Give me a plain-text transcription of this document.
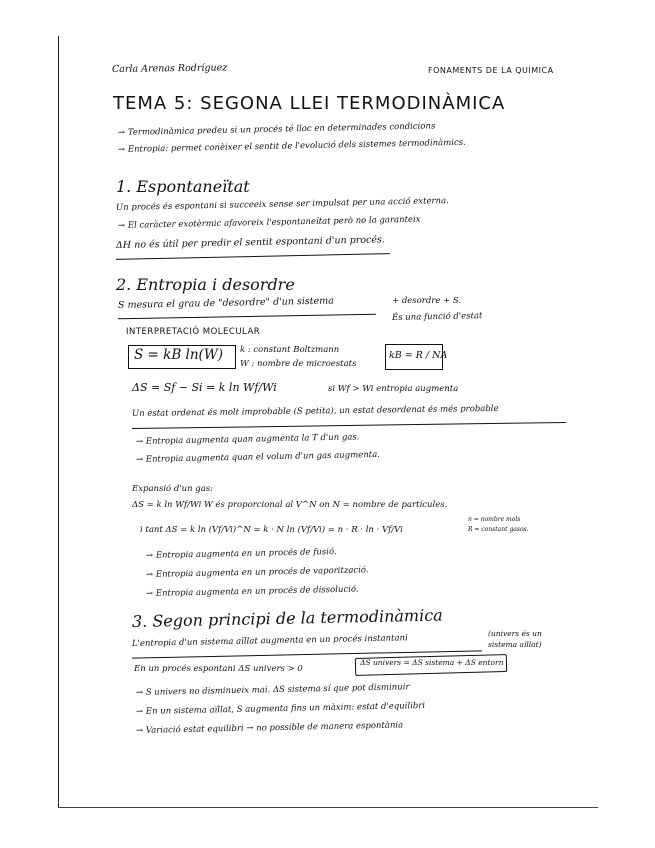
Carla Arenas Rodríguez	FONAMENTS DE LA QUÍMICA
TEMA 5: SEGONA LLEI TERMODINÀMICA
→ Termodinàmica predeu si un procés té lloc en determinades condicions
→ Entropia: permet conèixer el sentit de l'evolució dels sistemes termodinàmics.
1. Espontaneïtat
Un procés és espontani si succeeix sense ser impulsat per una acció externa.
→ El caràcter exotèrmic afavoreix l'espontaneïtat però no la garanteix
ΔH no és útil per predir el sentit espontani d'un procés.
2. Entropia i desordre
S mesura el grau de "desordre" d'un sistema	+ desordre + S.
És una funció d'estat
INTERPRETACIÓ MOLECULAR
S = kB ln(W) k : constant Boltzmann
W : nombre de microestats
kB = R / NA
ΔS = Sf − Si = k ln Wf/Wi	si Wf > Wi entropia augmenta
Un estat ordenat és molt improbable (S petita), un estat desordenat és més probable
→ Entropia augmenta quan augmenta la T d'un gas.
→ Entropia augmenta quan el volum d'un gas augmenta.
Expansió d'un gas:
ΔS = k ln Wf/Wi W és proporcional al V^N on N = nombre de partícules.
i tant ΔS = k ln (Vf/Vi)^N = k · N ln (Vf/Vi) = n · R · ln · Vf/Vi
n = nombre mols
R = constant gasos.
→ Entropia augmenta en un procés de fusió.
→ Entropia augmenta en un procés de vaporització.
→ Entropia augmenta en un procés de dissolució.
3. Segon principi de la termodinàmica
L'entropia d'un sistema aïllat augmenta en un procés instantani	(univers és un sistema aïllat)
En un procés espontani ΔS univers > 0
ΔS univers = ΔS sistema + ΔS entorn
→ S univers no disminueix mai. ΔS sistema sí que pot disminuir
→ En un sistema aïllat, S augmenta fins un màxim: estat d'equilibri
→ Variació estat equilibri → no possible de manera espontània
